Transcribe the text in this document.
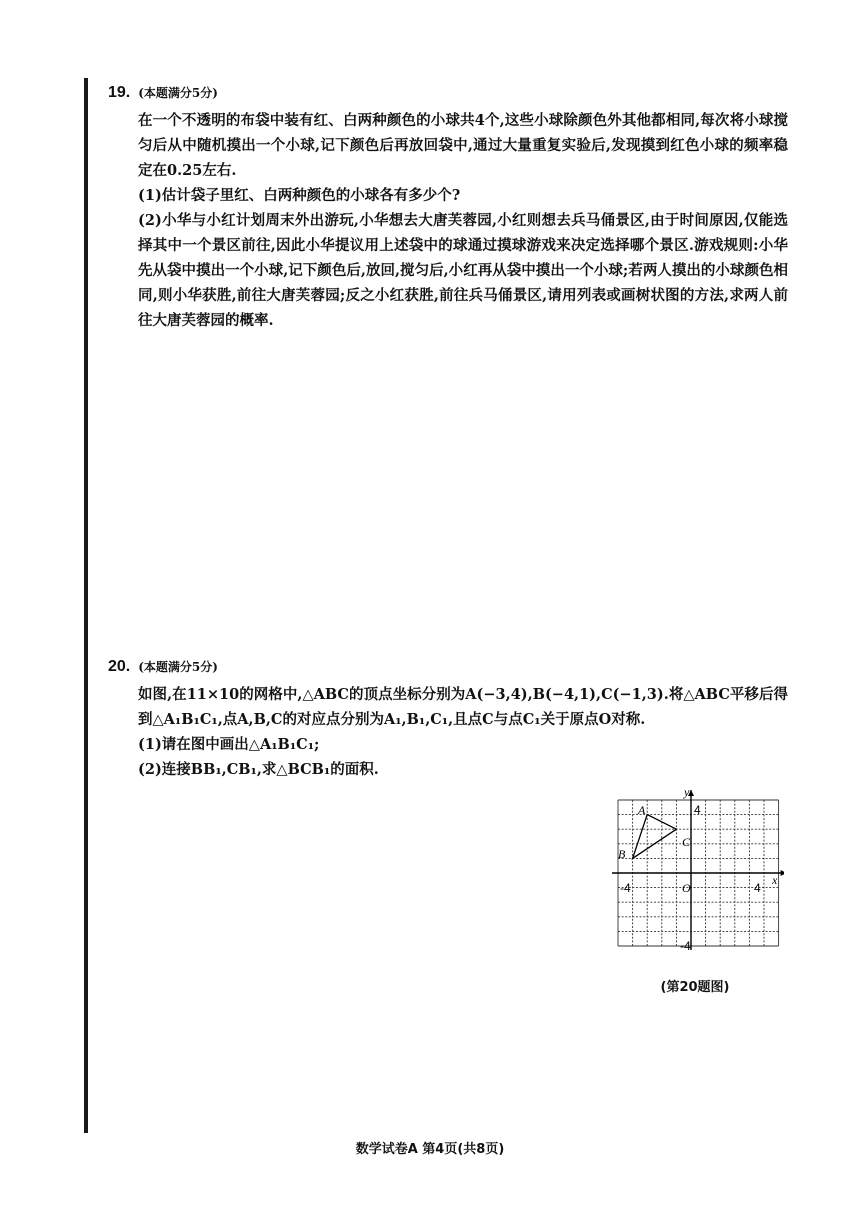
19. (本题满分5分)

在一个不透明的布袋中装有红、白两种颜色的小球共4个,这些小球除颜色外其他都相同,每次将小球搅匀后从中随机摸出一个小球,记下颜色后再放回袋中,通过大量重复实验后,发现摸到红色小球的频率稳定在0.25左右.

(1)估计袋子里红、白两种颜色的小球各有多少个?

(2)小华与小红计划周末外出游玩,小华想去大唐芙蓉园,小红则想去兵马俑景区,由于时间原因,仅能选择其中一个景区前往,因此小华提议用上述袋中的球通过摸球游戏来决定选择哪个景区.游戏规则:小华先从袋中摸出一个小球,记下颜色后,放回,搅匀后,小红再从袋中摸出一个小球;若两人摸出的小球颜色相同,则小华获胜,前往大唐芙蓉园;反之小红获胜,前往兵马俑景区,请用列表或画树状图的方法,求两人前往大唐芙蓉园的概率.

20. (本题满分5分)

如图,在11×10的网格中,△ABC的顶点坐标分别为A(−3,4),B(−4,1),C(−1,3).将△ABC平移后得到△A₁B₁C₁,点A,B,C的对应点分别为A₁,B₁,C₁,且点C与点C₁关于原点O对称.

(1)请在图中画出△A₁B₁C₁;

(2)连接BB₁,CB₁,求△BCB₁的面积.

y
x
O
-4	4
4
-4
A
B
C
(第20题图)
数学试卷A 第4页(共8页)
